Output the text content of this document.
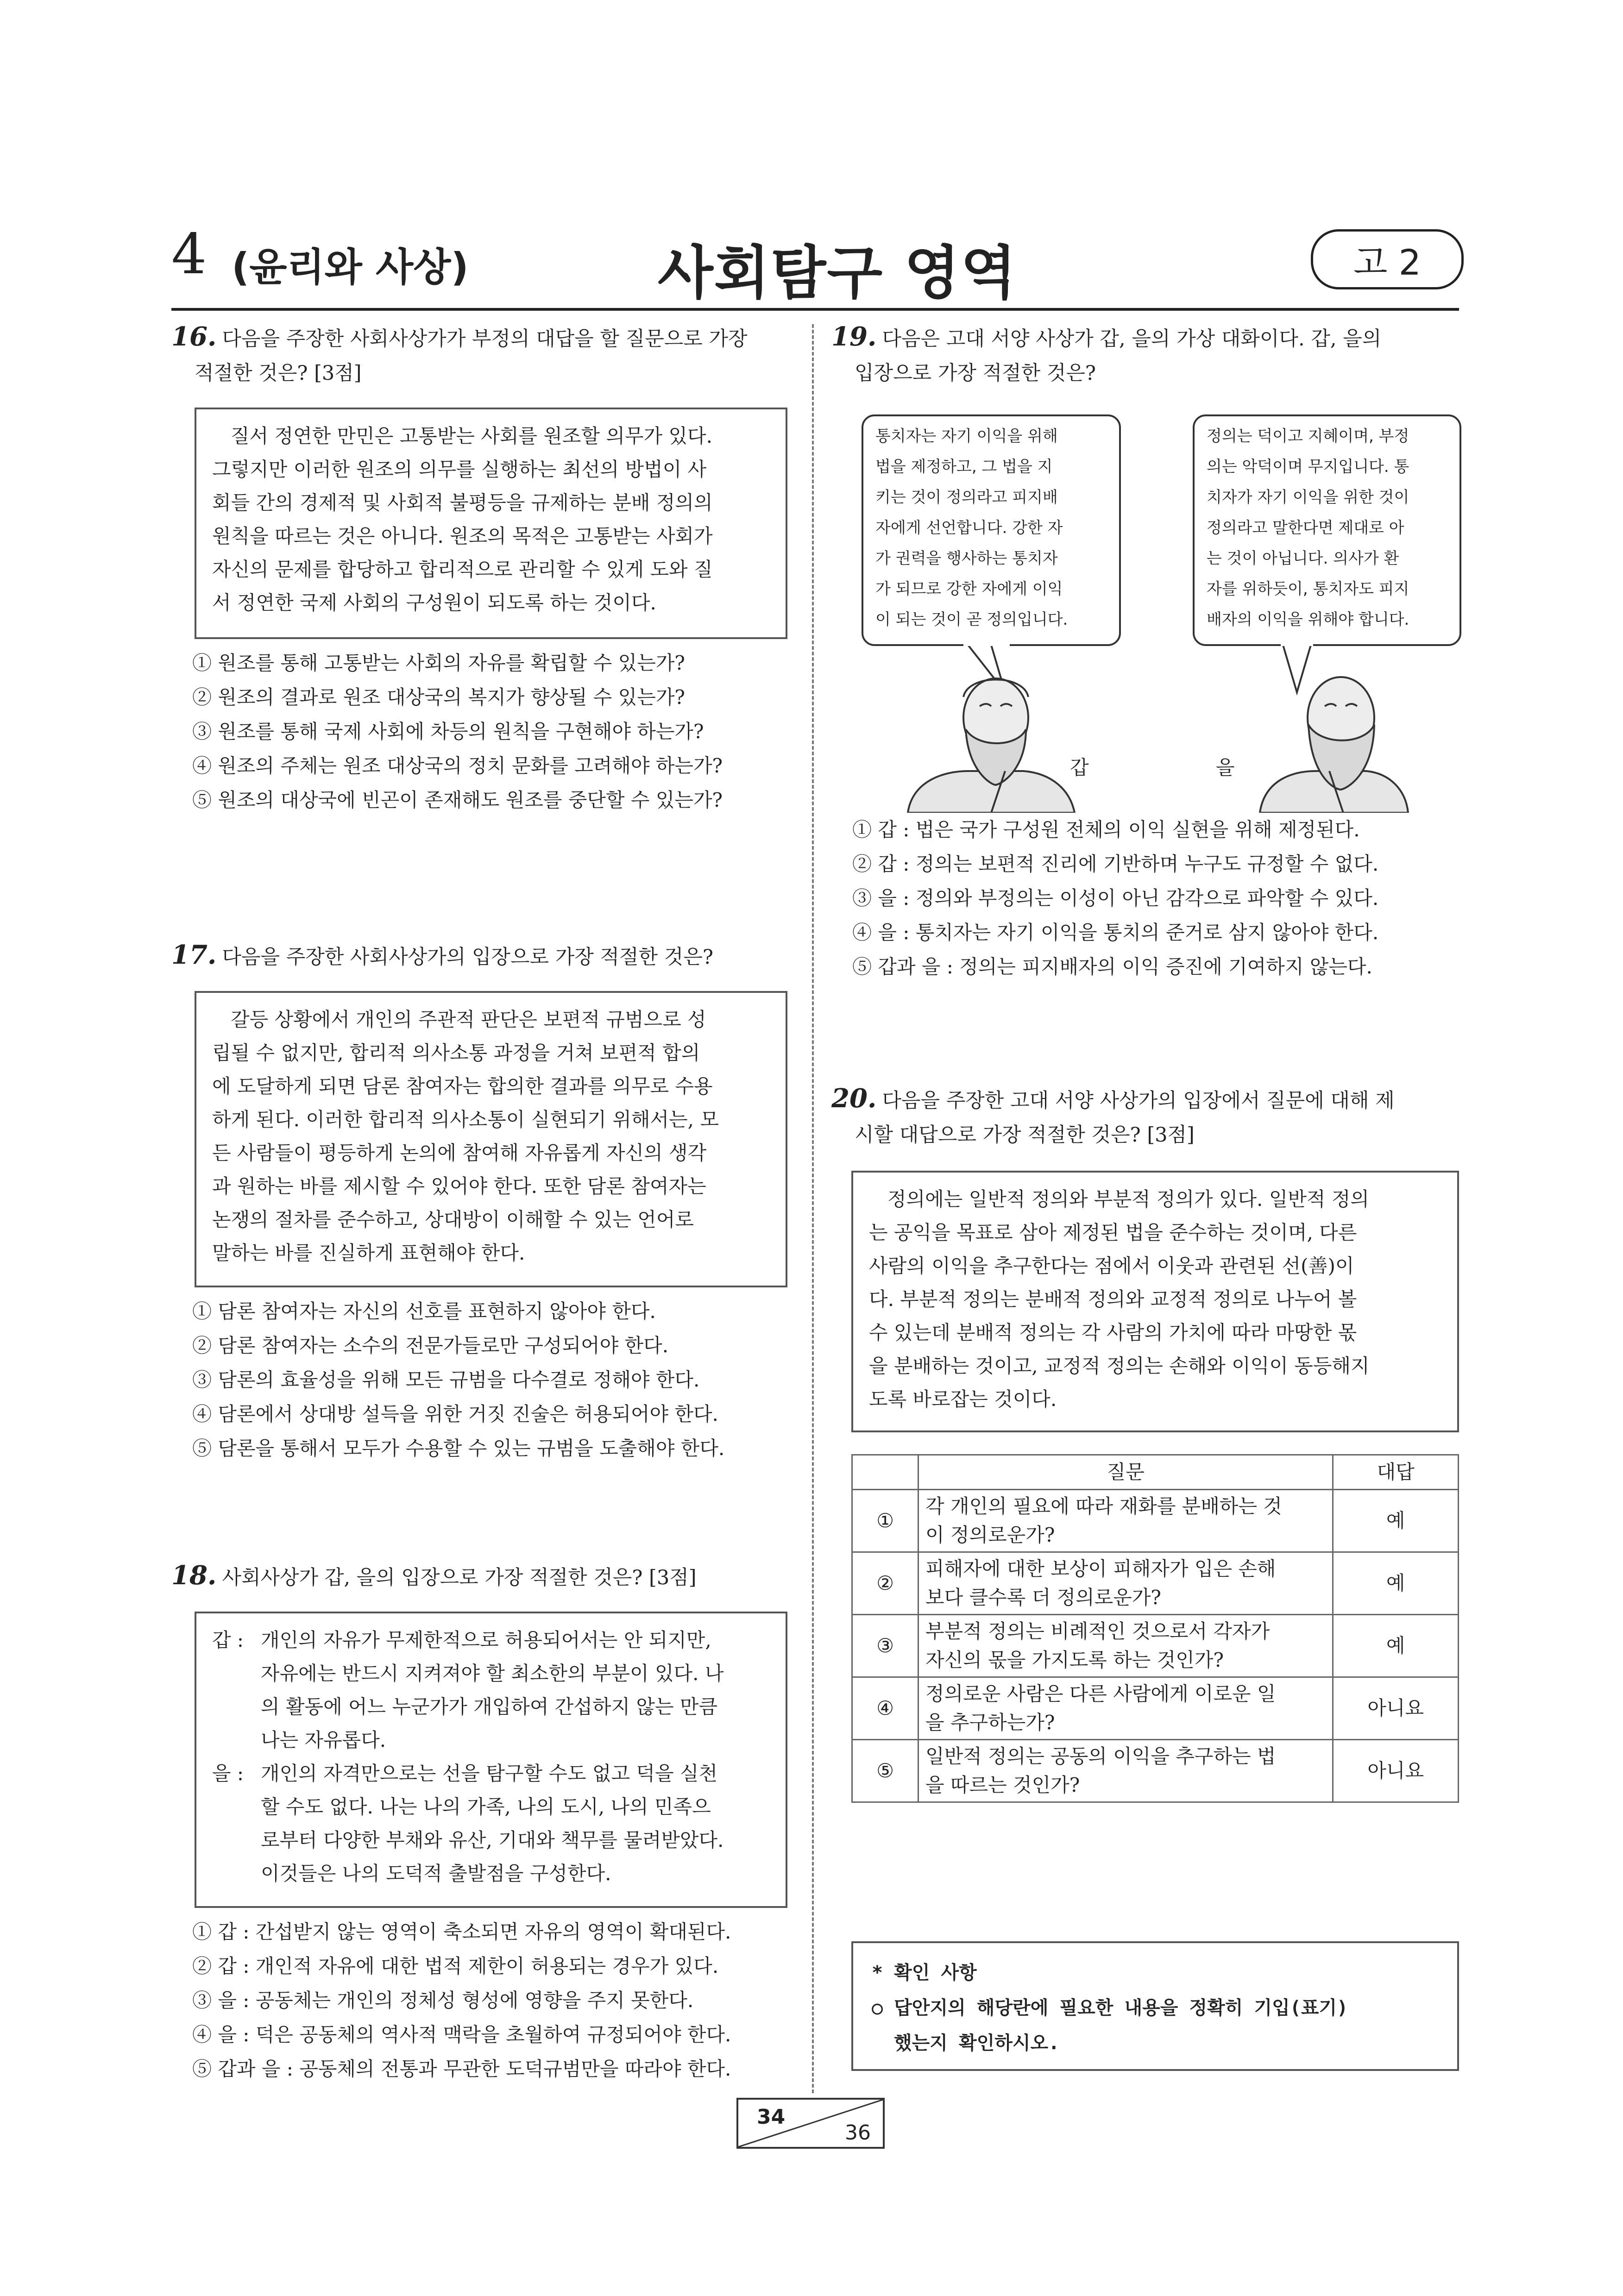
4 (윤리와 사상)	사회탐구 영역	고 2
16. 다음을 주장한 사회사상가가 부정의 대답을 할 질문으로 가장
적절한 것은? [3점]
질서 정연한 만민은 고통받는 사회를 원조할 의무가 있다.
그렇지만 이러한 원조의 의무를 실행하는 최선의 방법이 사
회들 간의 경제적 및 사회적 불평등을 규제하는 분배 정의의
원칙을 따르는 것은 아니다. 원조의 목적은 고통받는 사회가
자신의 문제를 합당하고 합리적으로 관리할 수 있게 도와 질
서 정연한 국제 사회의 구성원이 되도록 하는 것이다.
① 원조를 통해 고통받는 사회의 자유를 확립할 수 있는가?
② 원조의 결과로 원조 대상국의 복지가 향상될 수 있는가?
③ 원조를 통해 국제 사회에 차등의 원칙을 구현해야 하는가?
④ 원조의 주체는 원조 대상국의 정치 문화를 고려해야 하는가?
⑤ 원조의 대상국에 빈곤이 존재해도 원조를 중단할 수 있는가?
17. 다음을 주장한 사회사상가의 입장으로 가장 적절한 것은?
갈등 상황에서 개인의 주관적 판단은 보편적 규범으로 성
립될 수 없지만, 합리적 의사소통 과정을 거쳐 보편적 합의
에 도달하게 되면 담론 참여자는 합의한 결과를 의무로 수용
하게 된다. 이러한 합리적 의사소통이 실현되기 위해서는, 모
든 사람들이 평등하게 논의에 참여해 자유롭게 자신의 생각
과 원하는 바를 제시할 수 있어야 한다. 또한 담론 참여자는
논쟁의 절차를 준수하고, 상대방이 이해할 수 있는 언어로
말하는 바를 진실하게 표현해야 한다.
① 담론 참여자는 자신의 선호를 표현하지 않아야 한다.
② 담론 참여자는 소수의 전문가들로만 구성되어야 한다.
③ 담론의 효율성을 위해 모든 규범을 다수결로 정해야 한다.
④ 담론에서 상대방 설득을 위한 거짓 진술은 허용되어야 한다.
⑤ 담론을 통해서 모두가 수용할 수 있는 규범을 도출해야 한다.
18. 사회사상가 갑, 을의 입장으로 가장 적절한 것은? [3점]
갑 : 개인의 자유가 무제한적으로 허용되어서는 안 되지만,
자유에는 반드시 지켜져야 할 최소한의 부분이 있다. 나
의 활동에 어느 누군가가 개입하여 간섭하지 않는 만큼
나는 자유롭다.
을 : 개인의 자격만으로는 선을 탐구할 수도 없고 덕을 실천
할 수도 없다. 나는 나의 가족, 나의 도시, 나의 민족으
로부터 다양한 부채와 유산, 기대와 책무를 물려받았다.
이것들은 나의 도덕적 출발점을 구성한다.
① 갑 : 간섭받지 않는 영역이 축소되면 자유의 영역이 확대된다.
② 갑 : 개인적 자유에 대한 법적 제한이 허용되는 경우가 있다.
③ 을 : 공동체는 개인의 정체성 형성에 영향을 주지 못한다.
④ 을 : 덕은 공동체의 역사적 맥락을 초월하여 규정되어야 한다.
⑤ 갑과 을 : 공동체의 전통과 무관한 도덕규범만을 따라야 한다.
19. 다음은 고대 서양 사상가 갑, 을의 가상 대화이다. 갑, 을의
입장으로 가장 적절한 것은?
통치자는 자기 이익을 위해
법을 제정하고, 그 법을 지
키는 것이 정의라고 피지배
자에게 선언합니다. 강한 자
가 권력을 행사하는 통치자
가 되므로 강한 자에게 이익
이 되는 것이 곧 정의입니다.
정의는 덕이고 지혜이며, 부정
의는 악덕이며 무지입니다. 통
치자가 자기 이익을 위한 것이
정의라고 말한다면 제대로 아
는 것이 아닙니다. 의사가 환
자를 위하듯이, 통치자도 피지
배자의 이익을 위해야 합니다.
갑	을
① 갑 : 법은 국가 구성원 전체의 이익 실현을 위해 제정된다.
② 갑 : 정의는 보편적 진리에 기반하며 누구도 규정할 수 없다.
③ 을 : 정의와 부정의는 이성이 아닌 감각으로 파악할 수 있다.
④ 을 : 통치자는 자기 이익을 통치의 준거로 삼지 않아야 한다.
⑤ 갑과 을 : 정의는 피지배자의 이익 증진에 기여하지 않는다.
20. 다음을 주장한 고대 서양 사상가의 입장에서 질문에 대해 제
시할 대답으로 가장 적절한 것은? [3점]
정의에는 일반적 정의와 부분적 정의가 있다. 일반적 정의
는 공익을 목표로 삼아 제정된 법을 준수하는 것이며, 다른
사람의 이익을 추구한다는 점에서 이웃과 관련된 선(善)이
다. 부분적 정의는 분배적 정의와 교정적 정의로 나누어 볼
수 있는데 분배적 정의는 각 사람의 가치에 따라 마땅한 몫
을 분배하는 것이고, 교정적 정의는 손해와 이익이 동등해지
도록 바로잡는 것이다.
	질문	대답
①	각 개인의 필요에 따라 재화를 분배하는 것
이 정의로운가?	예
②	피해자에 대한 보상이 피해자가 입은 손해
보다 클수록 더 정의로운가?	예
③	부분적 정의는 비례적인 것으로서 각자가
자신의 몫을 가지도록 하는 것인가?	예
④	정의로운 사람은 다른 사람에게 이로운 일
을 추구하는가?	아니요
⑤	일반적 정의는 공동의 이익을 추구하는 법
을 따르는 것인가?	아니요
* 확인 사항
○ 답안지의 해당란에 필요한 내용을 정확히 기입(표기)
했는지 확인하시오.
34
36
